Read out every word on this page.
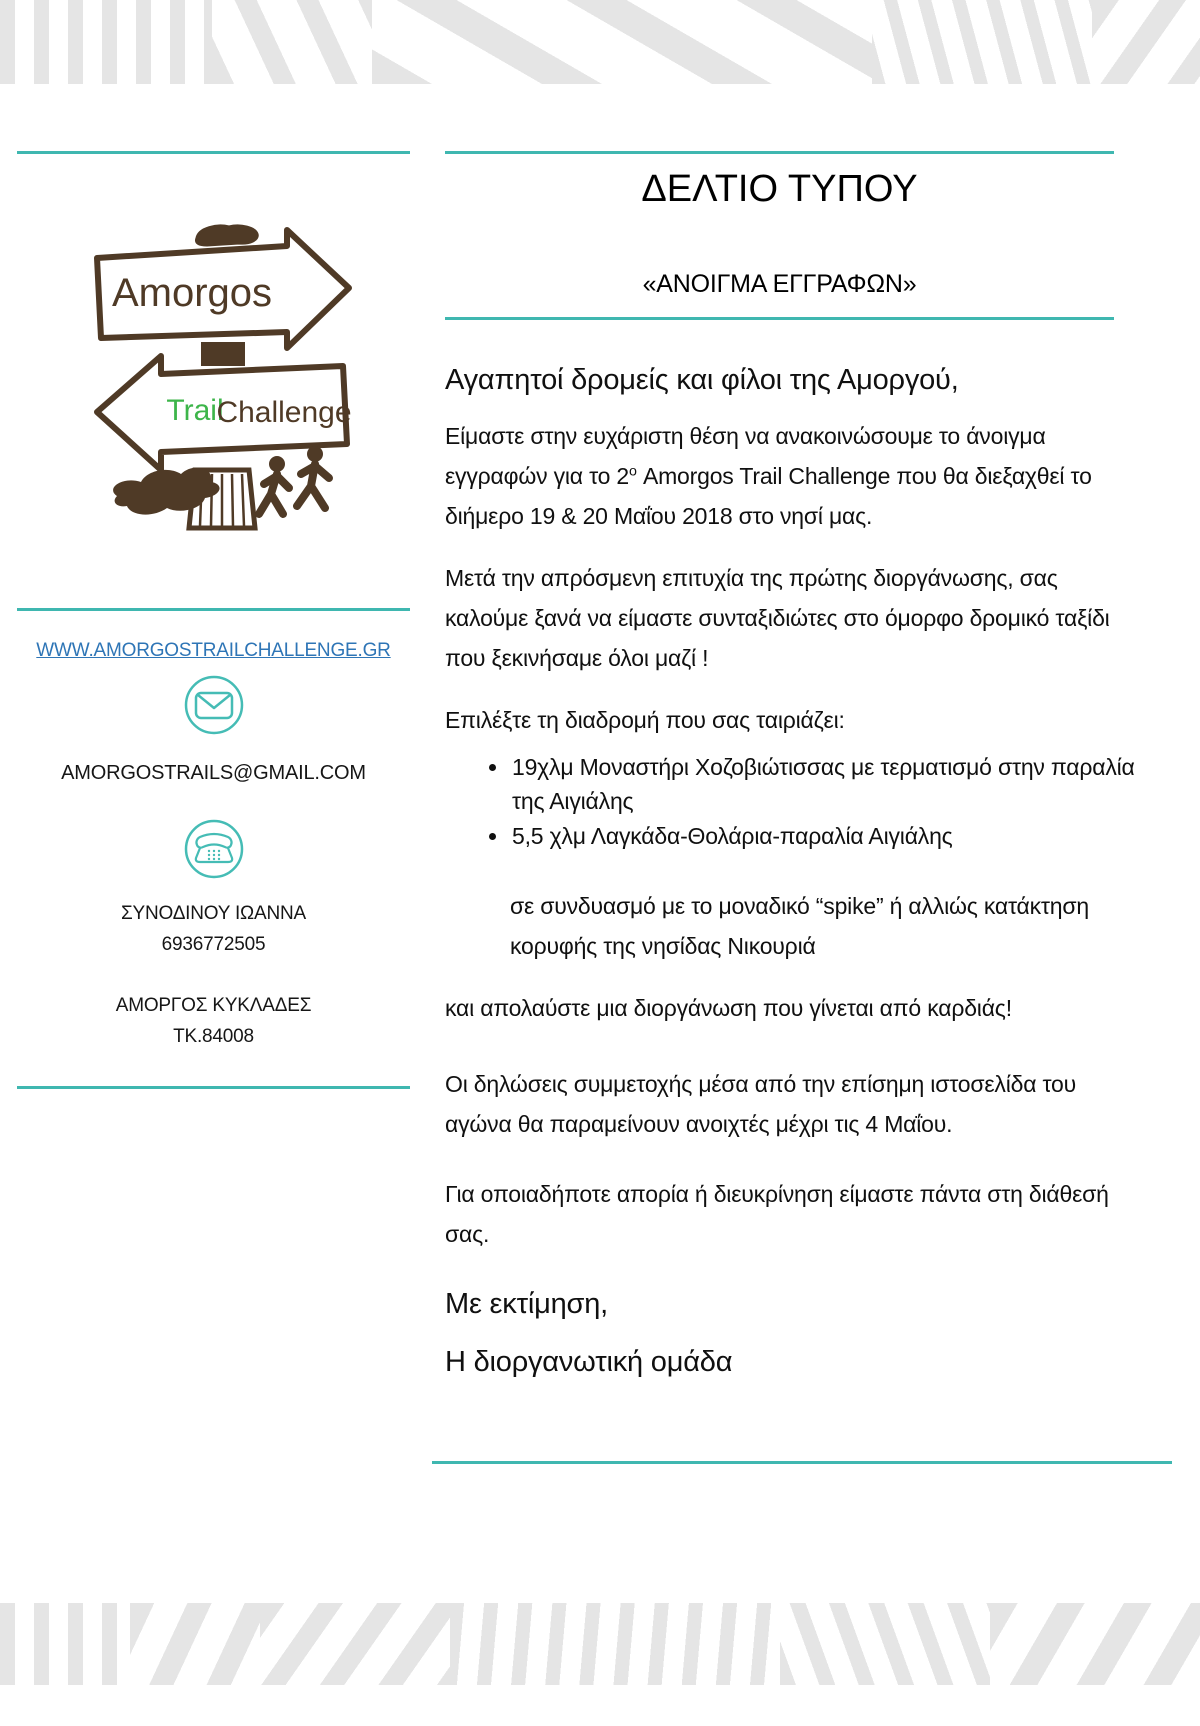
Amorgos
Trail
Challenge
WWW.AMORGOSTRAILCHALLENGE.GR
AMORGOSTRAILS@GMAIL.COM
ΣΥΝΟΔΙΝΟΥ ΙΩΑΝΝΑ
6936772505
ΑΜΟΡΓΟΣ ΚΥΚΛΑΔΕΣ
ΤΚ.84008
ΔΕΛΤΙΟ ΤΥΠΟΥ
«ΑΝΟΙΓΜΑ ΕΓΓΡΑΦΩΝ»

Αγαπητοί δρομείς και φίλοι της Αμοργού,

Είμαστε στην ευχάριστη θέση να ανακοινώσουμε το άνοιγμα εγγραφών για το $2^o$ Amorgos Trail Challenge που θα διεξαχθεί το διήμερο 19 & 20 Μαΐου 2018 στο νησί μας.

Μετά την απρόσμενη επιτυχία της πρώτης διοργάνωσης, σας καλούμε ξανά να είμαστε συνταξιδιώτες στο όμορφο δρομικό ταξίδι που ξεκινήσαμε όλοι μαζί !

Επιλέξτε τη διαδρομή που σας ταιριάζει:

• 19χλμ Μοναστήρι Χοζοβιώτισσας με τερματισμό στην παραλία της Αιγιάλης
• 5,5 χλμ Λαγκάδα-Θολάρια-παραλία Αιγιάλης

σε συνδυασμό με το μοναδικό “spike” ή αλλιώς κατάκτηση κορυφής της νησίδας Νικουριά

και απολαύστε μια διοργάνωση που γίνεται από καρδιάς!

Οι δηλώσεις συμμετοχής μέσα από την επίσημη ιστοσελίδα του αγώνα θα παραμείνουν ανοιχτές μέχρι τις 4 Μαΐου.

Για οποιαδήποτε απορία ή διευκρίνηση είμαστε πάντα στη διάθεσή σας.

Με εκτίμηση,

Η διοργανωτική ομάδα
